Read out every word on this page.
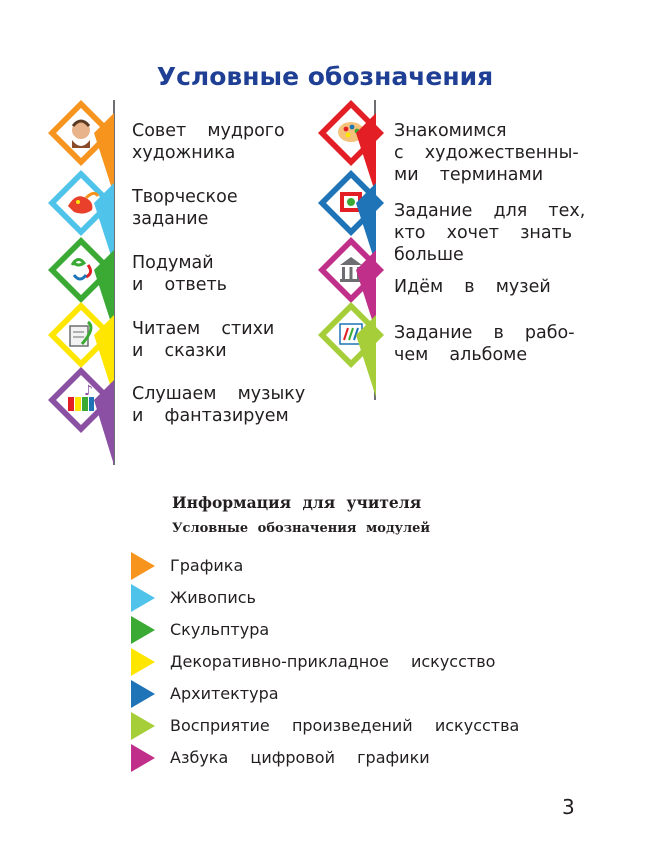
Условные обозначения
Совет  мудрого
художника
Творческое
задание
Подумай
и  ответь
Читаем  стихи
и  сказки
♪ Слушаем  музыку
и  фантазируем
Знакомимся
с  художественны-
ми  терминами
Задание  для  тех,
кто  хочет  знать
больше
Идём  в  музей
Задание  в  рабо-
чем  альбоме
Информация для учителя
Условные обозначения модулей
Графика
Живопись
Скульптура
Декоративно-прикладное  искусство
Архитектура
Восприятие  произведений  искусства
Азбука  цифровой  графики
3
